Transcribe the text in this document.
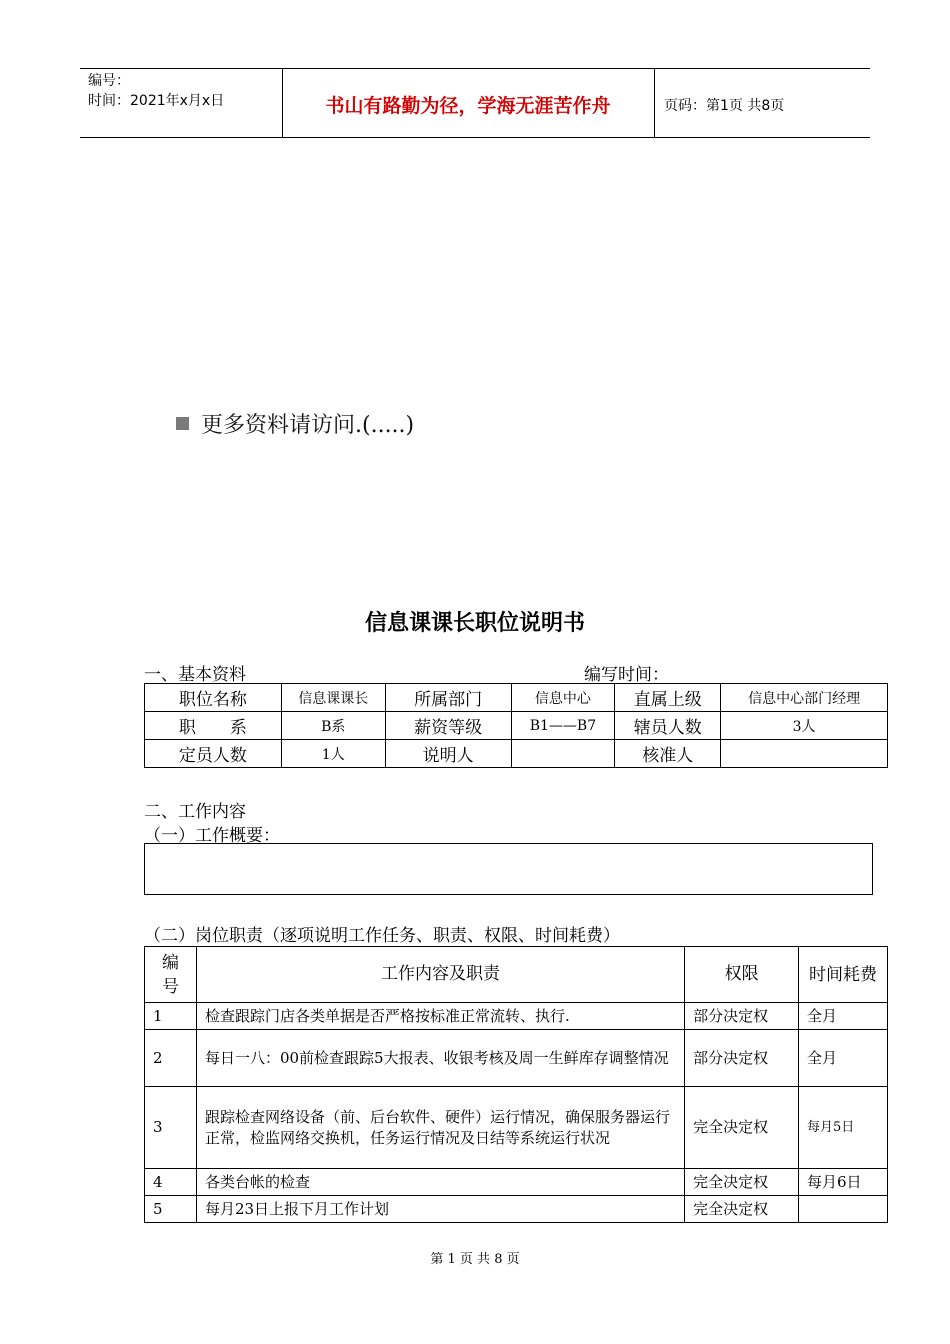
编号：
时间：2021年x月x日	书山有路勤为径，学海无涯苦作舟	页码：第1页 共8页
更多资料请访问.(.....)
信息课课长职位说明书
一、基本资料	编写时间：
职位名称	信息课课长	所属部门	信息中心	直属上级	信息中心部门经理
职　　系	B系	薪资等级	B1——B7	辖员人数	3人
定员人数	1人	说明人		核准人	
二、工作内容
（一）工作概要：
（二）岗位职责（逐项说明工作任务、职责、权限、时间耗费）
编号	工作内容及职责	权限	时间耗费

1	检查跟踪门店各类单据是否严格按标准正常流转、执行.	部分决定权	全月
2	每日一八：00前检查跟踪5大报表、收银考核及周一生鲜库存调整情况	部分决定权	全月
3	跟踪检查网络设备（前、后台软件、硬件）运行情况，确保服务器运行正常，检监网络交换机，任务运行情况及日结等系统运行状况	完全决定权	每月5日
4	各类台帐的检查	完全决定权	每月6日
5	每月23日上报下月工作计划	完全决定权	
第 1 页 共 8 页
